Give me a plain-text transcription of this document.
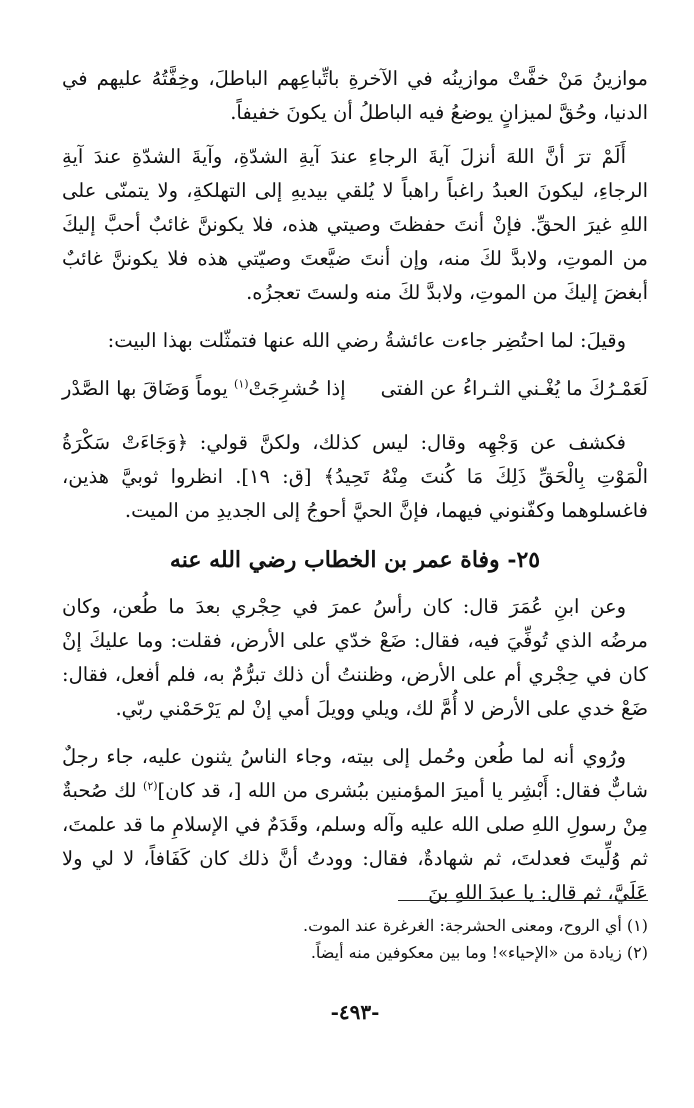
موازينُ مَنْ خفَّتْ موازينُه في الآخرةِ باتِّباعِهم الباطلَ، وخِفَّتُهُ عليهم في الدنيا، وحُقَّ لميزانٍ يوضعُ فيه الباطلُ أن يكونَ خفيفاً.

أَلَمْ ترَ أنَّ اللهَ أنزلَ آيةَ الرجاءِ عندَ آيةِ الشدّةِ، وآيةَ الشدّةِ عندَ آيةِ الرجاءِ، ليكونَ العبدُ راغباً راهباً لا يُلقي بيديهِ إلى التهلكةِ، ولا يتمنّى على اللهِ غيرَ الحقِّ. فإنْ أنتَ حفظتَ وصيتي هذه، فلا يكوننَّ غائبٌ أحبَّ إليكَ من الموتِ، ولابدَّ لكَ منه، وإن أنتَ ضيَّعتَ وصيّتي هذه فلا يكوننَّ غائبٌ أبغضَ إليكَ من الموتِ، ولابدَّ لكَ منه ولستَ تعجزُه.

وقيلَ: لما احتُضِر جاءت عائشةُ رضي الله عنها فتمثّلت بهذا البيت:

لَعَمْـرُكَ ما يُغْـني الثـراءُ عن الفتى
إذا حُشرِجَتْ$^{(١)}$ يوماً وَضَاقَ بها الصَّدْر

فكشف عن وَجْهِه وقال: ليس كذلك، ولكنَّ قولي: ﴿وَجَاءَتْ سَكْرَةُ الْمَوْتِ بِالْحَقِّ ذَلِكَ مَا كُنتَ مِنْهُ تَحِيدُ﴾ [ق: ١٩]. انظروا ثوبيَّ هذين، فاغسلوهما وكفّنوني فيهما، فإنَّ الحيَّ أحوجُ إلى الجديدِ من الميت.

٢٥- وفاة عمر بن الخطاب رضي الله عنه

وعن ابنِ عُمَرَ قال: كان رأسُ عمرَ في حِجْري بعدَ ما طُعن، وكان مرضُه الذي تُوفِّيَ فيه، فقال: ضَعْ خدّي على الأرض، فقلت: وما عليكَ إنْ كان في حِجْري أم على الأرض، وظننتُ أن ذلك تبرُّمٌ به، فلم أفعل، فقال: ضَعْ خدي على الأرض لا أُمَّ لك، ويلي وويلَ أمي إنْ لم يَرْحَمْني ربّي.

ورُوي أنه لما طُعن وحُمل إلى بيته، وجاء الناسُ يثنون عليه، جاء رجلٌ شابٌّ فقال: أَبْشِر يا أميرَ المؤمنين ببُشرى من الله [، قد كان]$^{(٢)}$ لك صُحبةٌ مِنْ رسولِ اللهِ صلى الله عليه وآله وسلم، وقَدَمٌ في الإسلامِ ما قد علمتَ، ثم وُلِّيتَ فعدلتَ، ثم شهادةٌ، فقال: وودتُ أنَّ ذلك كان كَفَافاً، لا لي ولا عَلَيَّ، ثم قال: يا عبدَ اللهِ بنَ

(١) أي الروح، ومعنى الحشرجة: الغرغرة عند الموت.

(٢) زيادة من «الإحياء»! وما بين معكوفين منه أيضاً.

-٤٩٣-
